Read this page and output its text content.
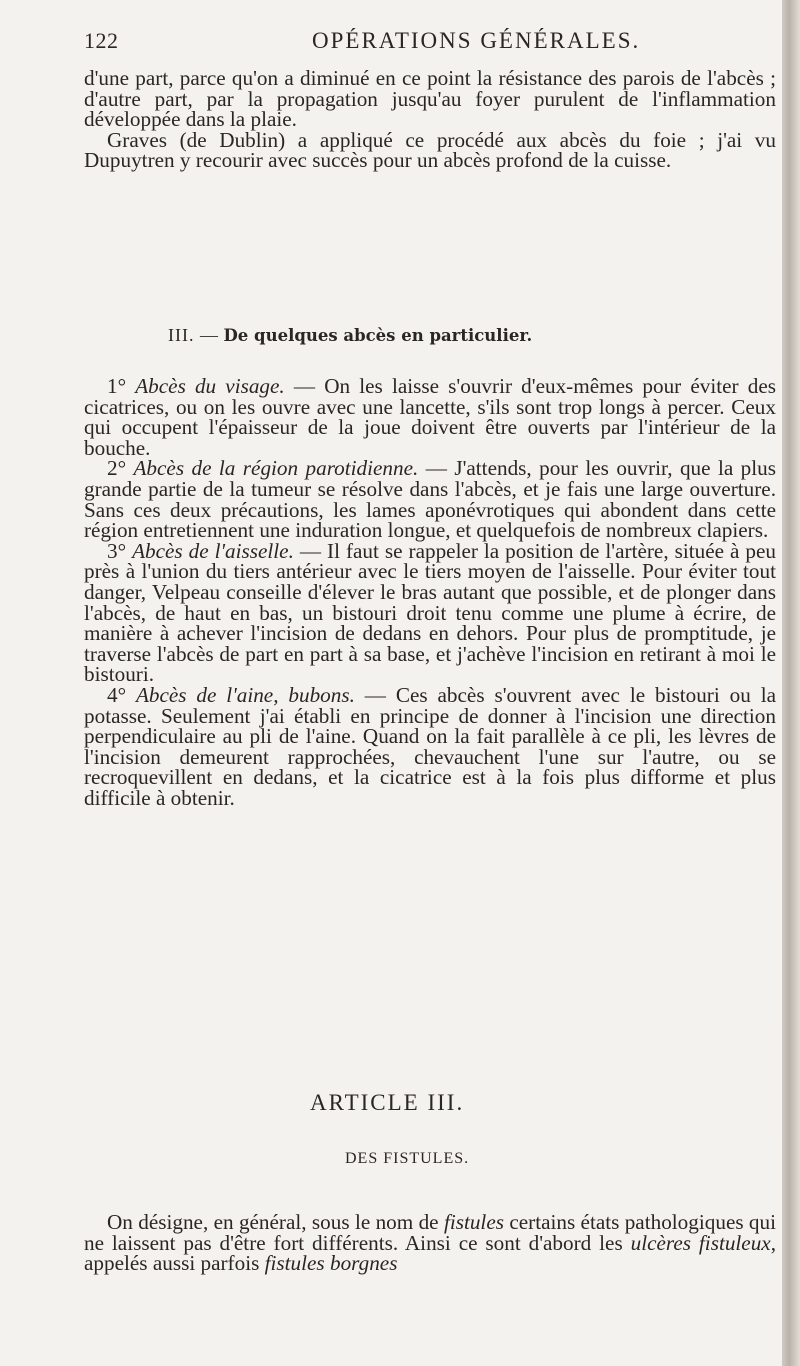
122	OPÉRATIONS GÉNÉRALES.

d'une part, parce qu'on a diminué en ce point la résistance des parois de l'abcès ; d'autre part, par la propagation jusqu'au foyer purulent de l'inflammation développée dans la plaie.

Graves (de Dublin) a appliqué ce procédé aux abcès du foie ; j'ai vu Dupuytren y recourir avec succès pour un abcès profond de la cuisse.

III. — De quelques abcès en particulier.

1° Abcès du visage. — On les laisse s'ouvrir d'eux-mêmes pour éviter des cicatrices, ou on les ouvre avec une lancette, s'ils sont trop longs à percer. Ceux qui occupent l'épaisseur de la joue doivent être ouverts par l'intérieur de la bouche.

2° Abcès de la région parotidienne. — J'attends, pour les ouvrir, que la plus grande partie de la tumeur se résolve dans l'abcès, et je fais une large ouverture. Sans ces deux précautions, les lames aponévrotiques qui abondent dans cette région entretiennent une induration longue, et quelquefois de nombreux clapiers.

3° Abcès de l'aisselle. — Il faut se rappeler la position de l'artère, située à peu près à l'union du tiers antérieur avec le tiers moyen de l'aisselle. Pour éviter tout danger, Velpeau conseille d'élever le bras autant que possible, et de plonger dans l'abcès, de haut en bas, un bistouri droit tenu comme une plume à écrire, de manière à achever l'incision de dedans en dehors. Pour plus de promptitude, je traverse l'abcès de part en part à sa base, et j'achève l'incision en retirant à moi le bistouri.

4° Abcès de l'aine, bubons. — Ces abcès s'ouvrent avec le bistouri ou la potasse. Seulement j'ai établi en principe de donner à l'incision une direction perpendiculaire au pli de l'aine. Quand on la fait parallèle à ce pli, les lèvres de l'incision demeurent rapprochées, chevauchent l'une sur l'autre, ou se recroquevillent en dedans, et la cicatrice est à la fois plus difforme et plus difficile à obtenir.

ARTICLE III.
DES FISTULES.

On désigne, en général, sous le nom de fistules certains états pathologiques qui ne laissent pas d'être fort différents. Ainsi ce sont d'abord les ulcères fistuleux, appelés aussi parfois fistules borgnes
